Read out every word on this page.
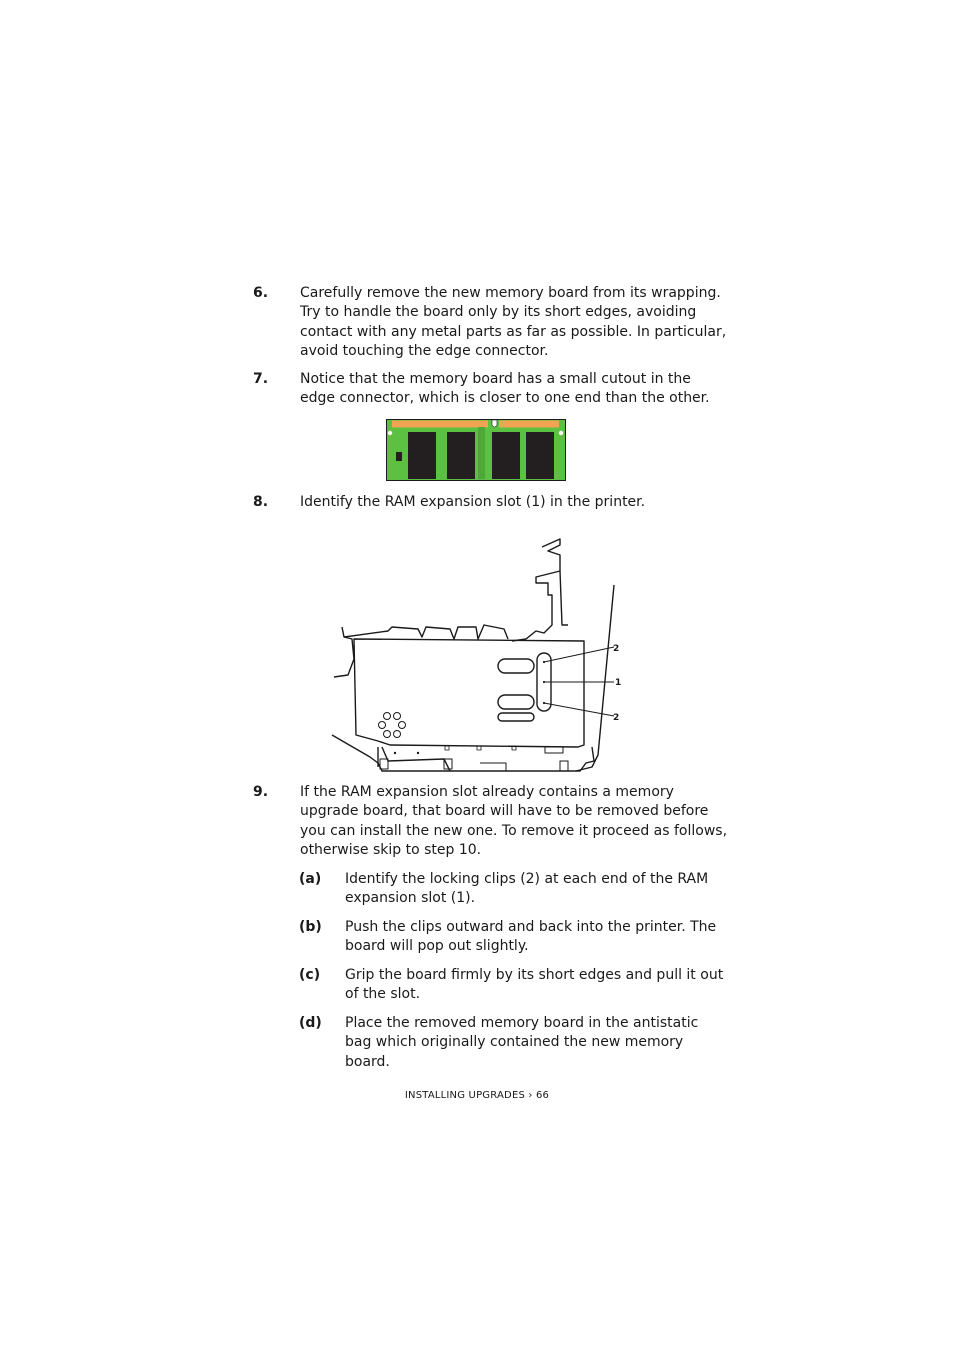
6. Carefully remove the new memory board from its wrapping. Try to handle the board only by its short edges, avoiding contact with any metal parts as far as possible. In particular, avoid touching the edge connector.
7. Notice that the memory board has a small cutout in the edge connector, which is closer to one end than the other.
8. Identify the RAM expansion slot (1) in the printer.
2
1
2
9. If the RAM expansion slot already contains a memory upgrade board, that board will have to be removed before you can install the new one. To remove it proceed as follows, otherwise skip to step 10.
(a) Identify the locking clips (2) at each end of the RAM expansion slot (1).
(b) Push the clips outward and back into the printer. The board will pop out slightly.
(c) Grip the board firmly by its short edges and pull it out of the slot.
(d) Place the removed memory board in the antistatic bag which originally contained the new memory board.
INSTALLING UPGRADES › 66
